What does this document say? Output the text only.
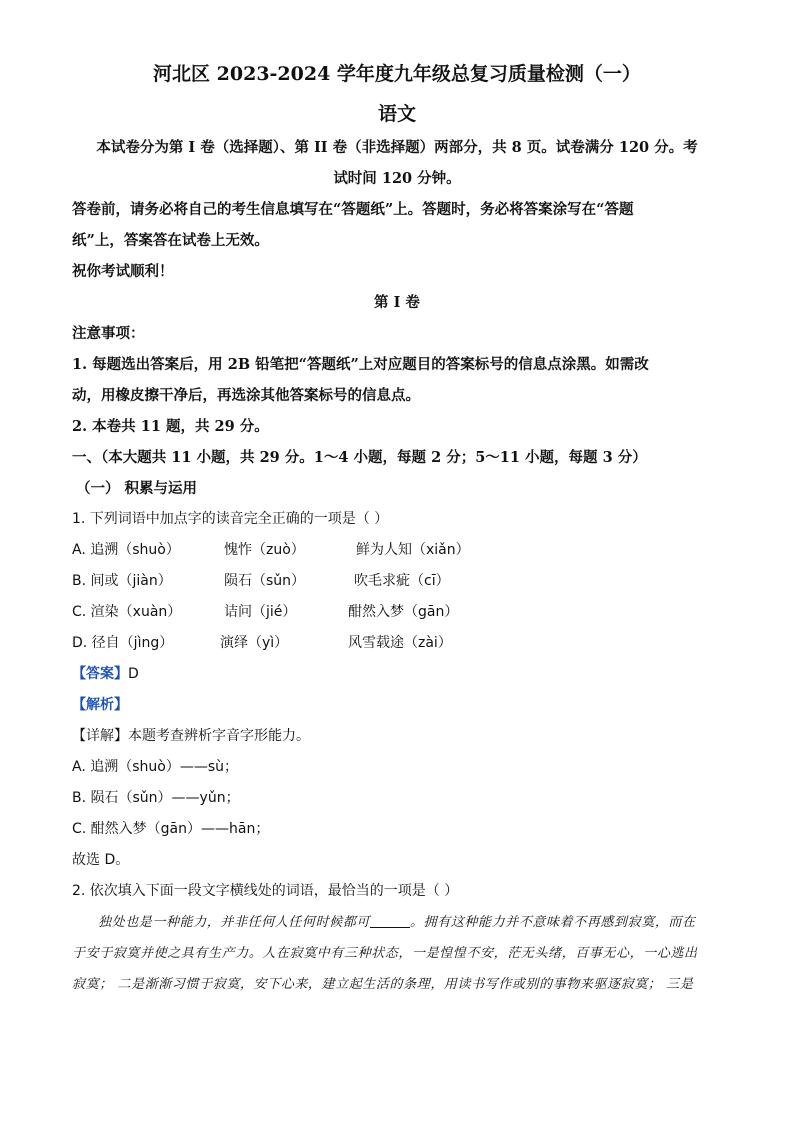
河北区 2023-2024 学年度九年级总复习质量检测（一）

语文

本试卷分为第 I 卷（选择题）、第 II 卷（非选择题）两部分，共 8 页。试卷满分 120 分。考

试时间 120 分钟。

答卷前，请务必将自己的考生信息填写在“答题纸”上。答题时，务必将答案涂写在“答题

纸”上，答案答在试卷上无效。

祝你考试顺利！

第 I 卷

注意事项：

1. 每题选出答案后，用 2B 铅笔把“答题纸”上对应题目的答案标号的信息点涂黑。如需改

动，用橡皮擦干净后，再选涂其他答案标号的信息点。

2. 本卷共 11 题，共 29 分。

一、（本大题共 11 小题，共 29 分。1～4 小题，每题 2 分；5～11 小题，每题 3 分）

（一） 积累与运用

1. 下列词语中加点字的读音完全正确的一项是（ ）

A. 追溯（shuò）	愧怍（zuò）	鲜为人知（xiǎn）
B. 间或（jiàn）	陨石（sǔn）	吹毛求疵（cī）
C. 渲染（xuàn）	诘问（jié）	酣然入梦（gān）
D. 径自（jìng）	演绎（yì）	风雪载途（zài）

【答案】D

【解析】

【详解】本题考查辨析字音字形能力。

A. 追溯（shuò）——sù；

B. 陨石（sǔn）——yǔn；

C. 酣然入梦（gān）——hān；

故选 D。

2. 依次填入下面一段文字横线处的词语，最恰当的一项是（ ）

独处也是一种能力，并非任何人任何时候都可	。拥有这种能力并不意味着不再感到寂寞，而在

于安于寂寞并使之具有生产力。人在寂寞中有三种状态，一是惶惶不安，茫无头绪，百事无心，一心逃出

寂寞； 二是渐渐习惯于寂寞，安下心来，建立起生活的条理，用读书写作或别的事物来驱逐寂寞； 三是
